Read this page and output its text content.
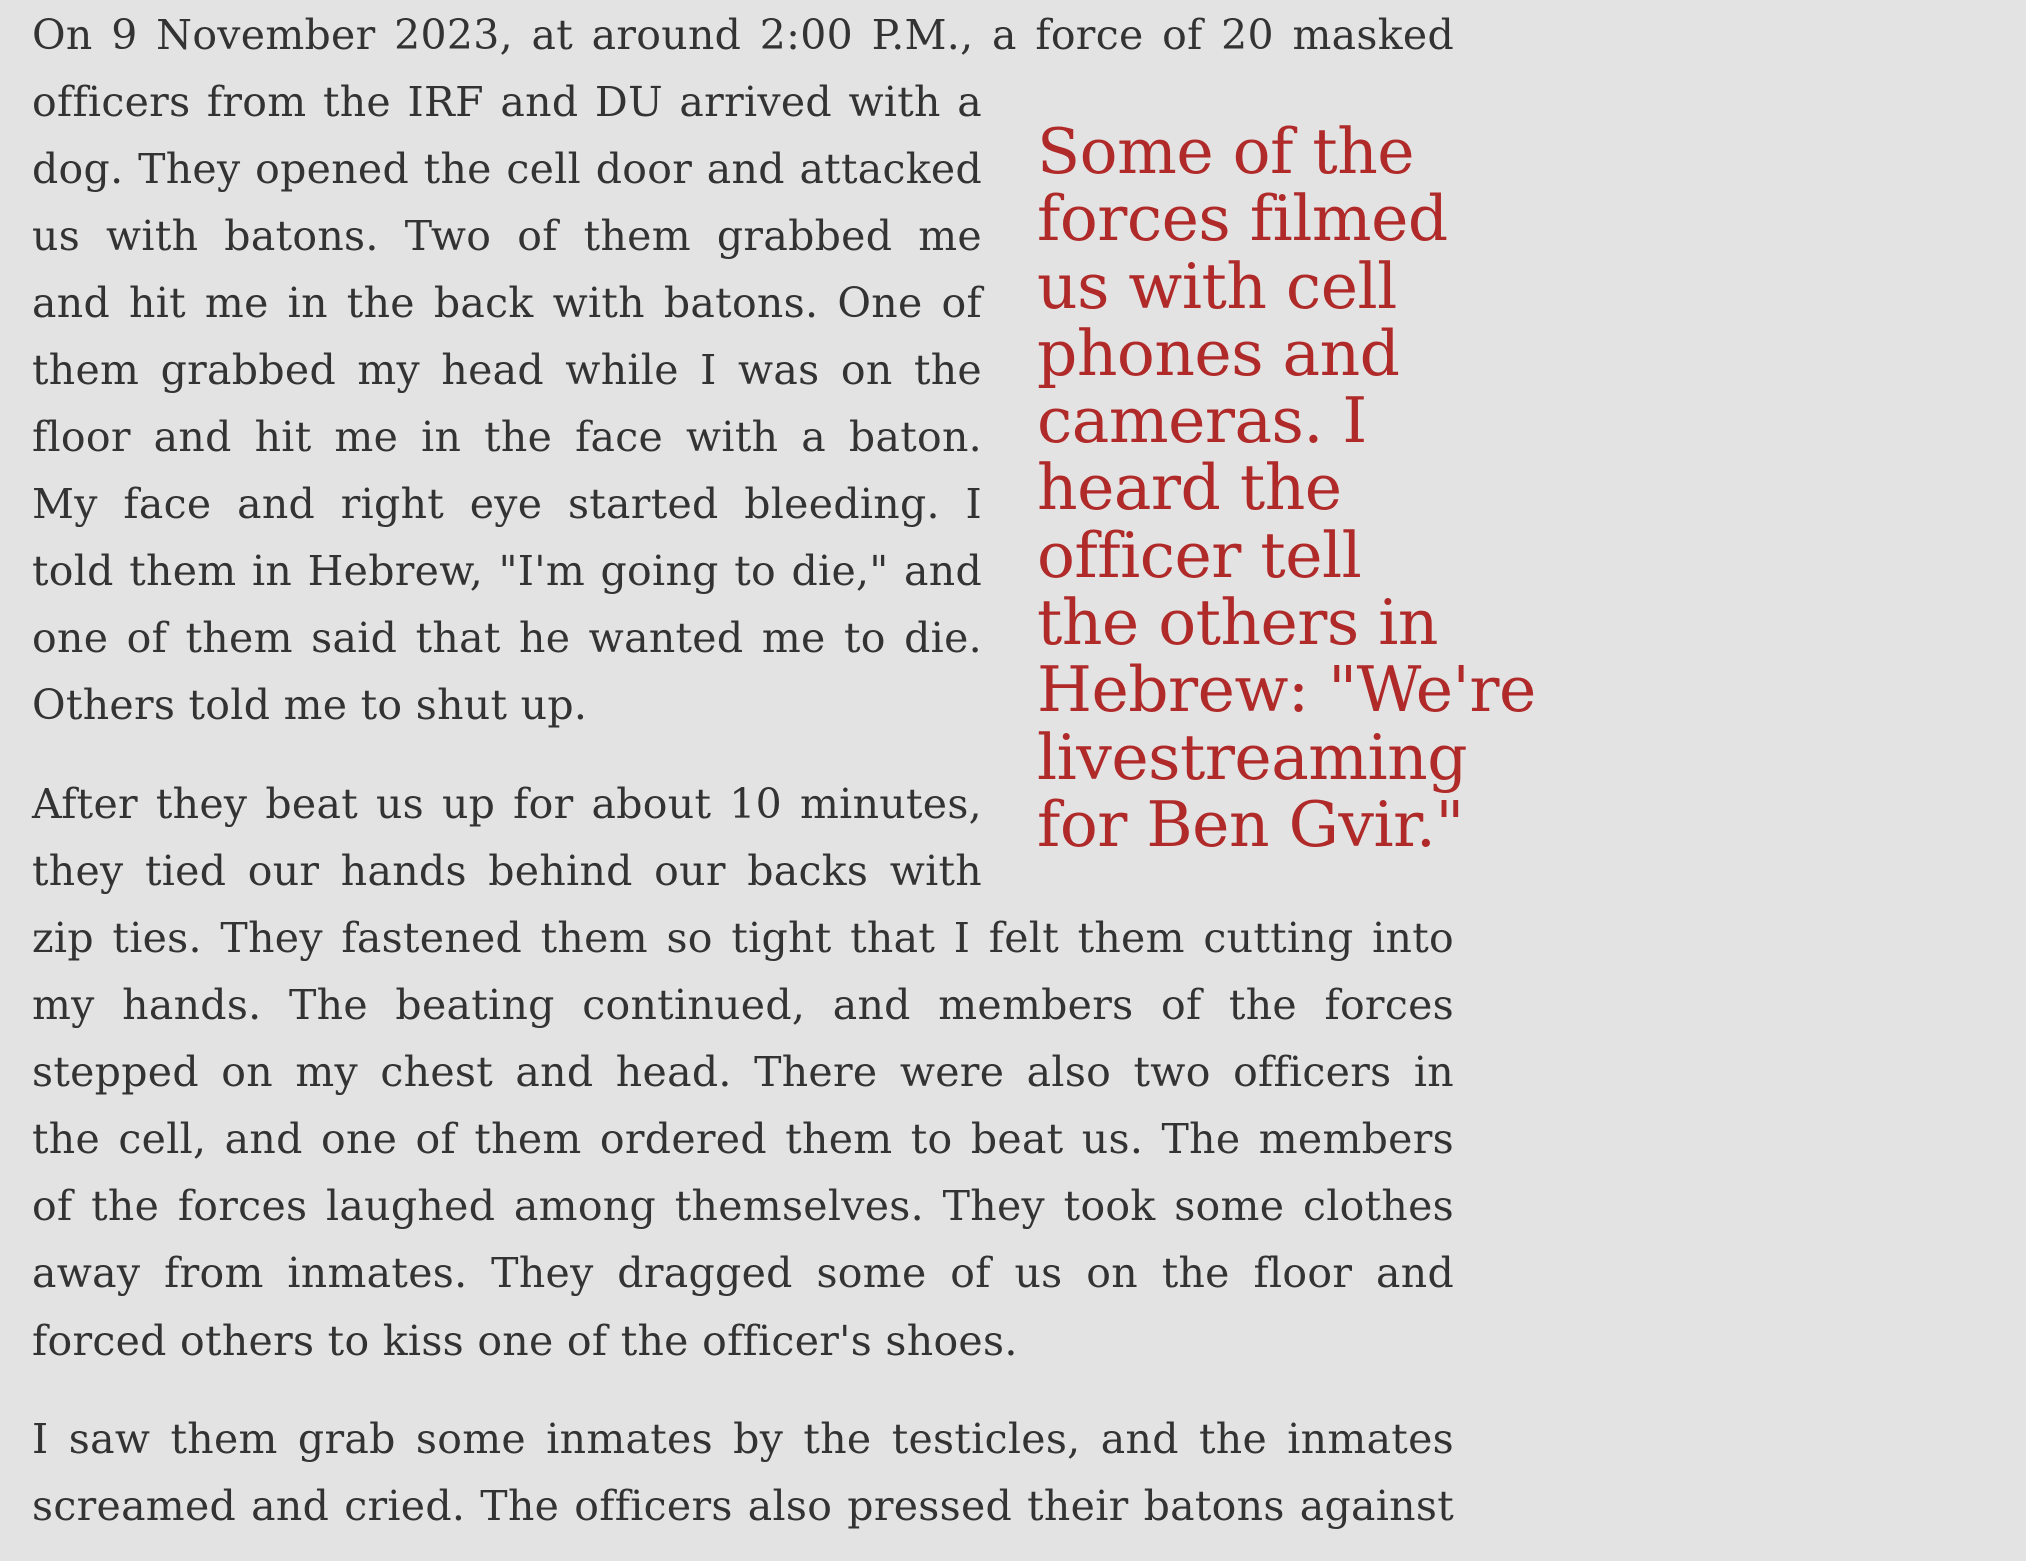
On 9 November 2023, at around 2:00 P.M., a force of 20 masked
officers from the IRF and DU arrived with a
dog. They opened the cell door and attacked
us with batons. Two of them grabbed me
and hit me in the back with batons. One of
them grabbed my head while I was on the
floor and hit me in the face with a baton.
My face and right eye started bleeding. I
told them in Hebrew, "I'm going to die," and
one of them said that he wanted me to die.
Others told me to shut up.
After they beat us up for about 10 minutes,
they tied our hands behind our backs with
zip ties. They fastened them so tight that I felt them cutting into
my hands. The beating continued, and members of the forces
stepped on my chest and head. There were also two officers in
the cell, and one of them ordered them to beat us. The members
of the forces laughed among themselves. They took some clothes
away from inmates. They dragged some of us on the floor and
forced others to kiss one of the officer's shoes.
I saw them grab some inmates by the testicles, and the inmates
screamed and cried. The officers also pressed their batons against
Some of the
forces filmed
us with cell
phones and
cameras. I
heard the
officer tell
the others in
Hebrew: "We're
livestreaming
for Ben Gvir."
